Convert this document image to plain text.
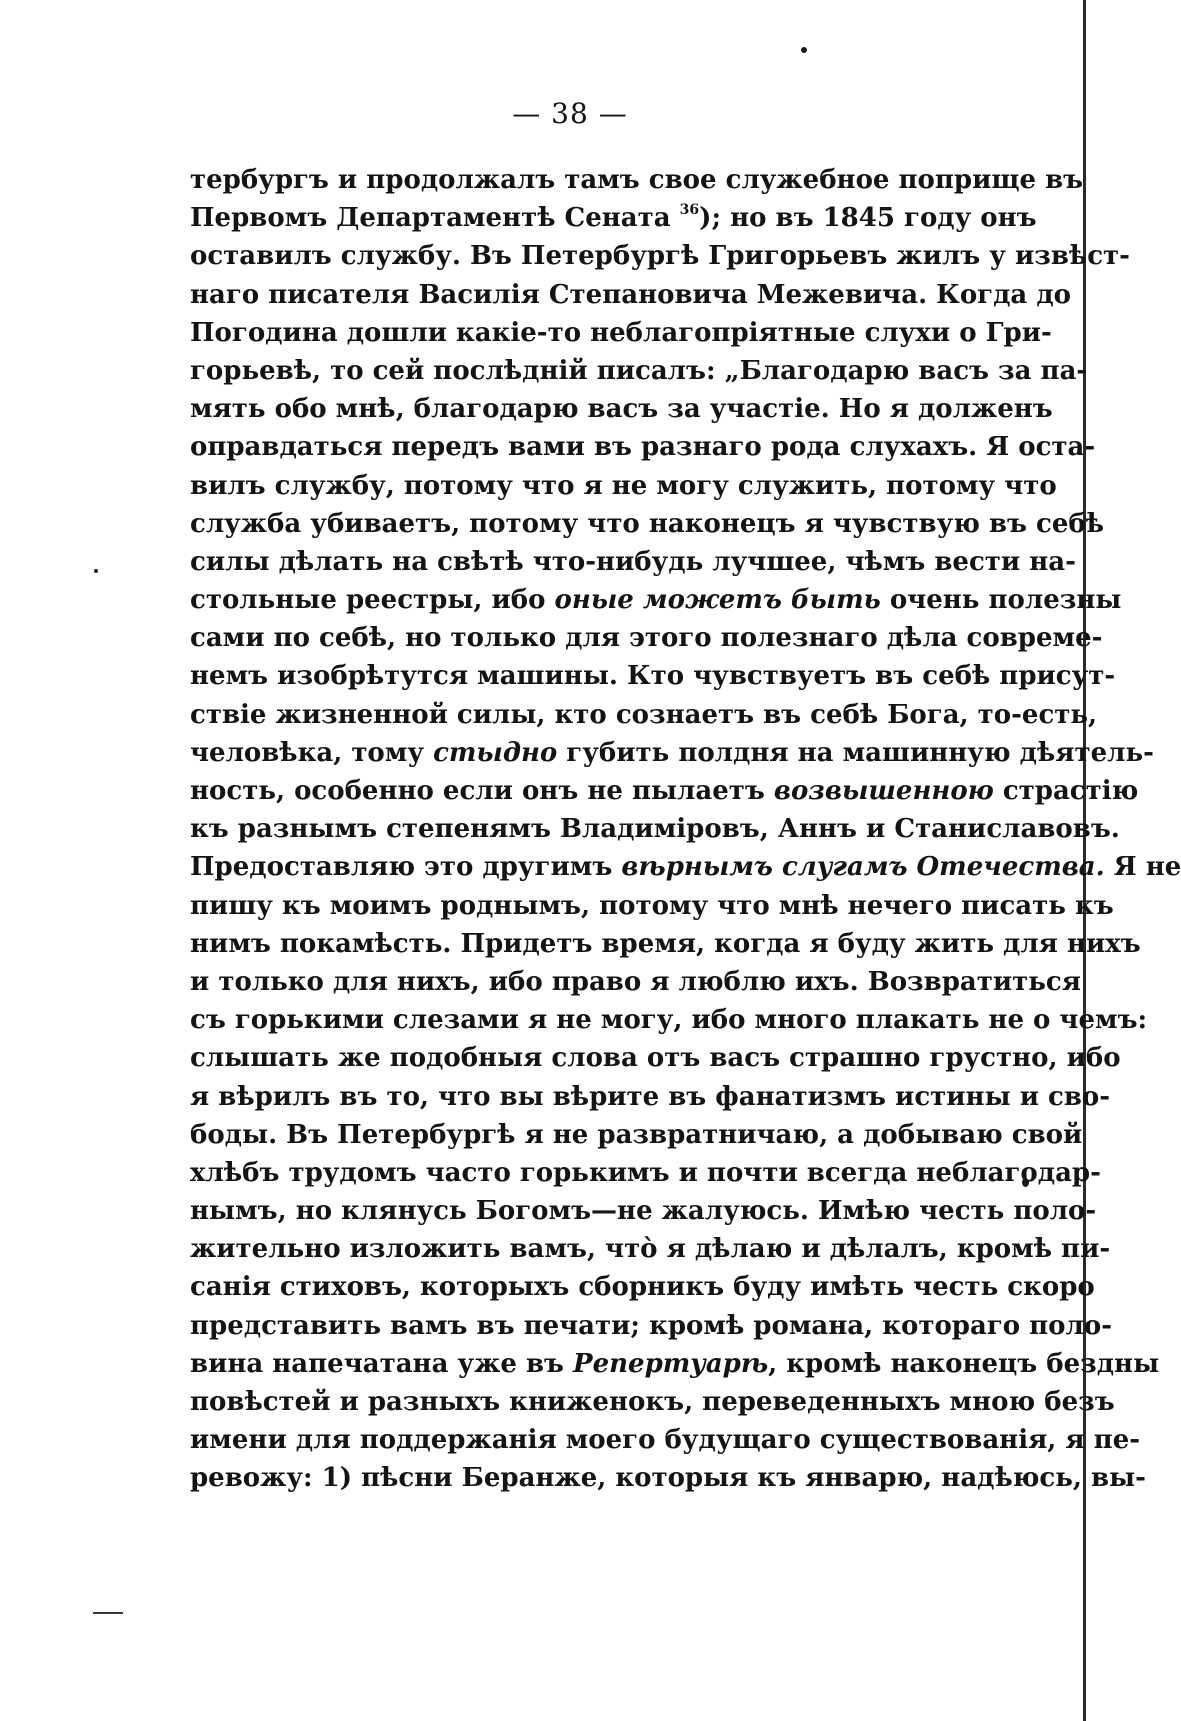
— 38 —
тербургъ и продолжалъ тамъ свое служебное поприще въ
Первомъ Департаментѣ Сената $^{36}$); но въ 1845 году онъ
оставилъ службу. Въ Петербургѣ Григорьевъ жилъ у извѣст-
наго писателя Василія Степановича Межевича. Когда до
Погодина дошли какіе-то неблагопріятные слухи о Гри-
горьевѣ, то сей послѣдній писалъ: „Благодарю васъ за па-
мять обо мнѣ, благодарю васъ за участіе. Но я долженъ
оправдаться передъ вами въ разнаго рода слухахъ. Я оста-
вилъ службу, потому что я не могу служить, потому что
служба убиваетъ, потому что наконецъ я чувствую въ себѣ
силы дѣлать на свѣтѣ что-нибудь лучшее, чѣмъ вести на-
стольные реестры, ибо оные можетъ быть очень полезны
сами по себѣ, но только для этого полезнаго дѣла совреме-
немъ изобрѣтутся машины. Кто чувствуетъ въ себѣ присут-
ствіе жизненной силы, кто сознаетъ въ себѣ Бога, то-есть,
человѣка, тому стыдно губить полдня на машинную дѣятель-
ность, особенно если онъ не пылаетъ возвышенною страстію
къ разнымъ степенямъ Владиміровъ, Аннъ и Станиславовъ.
Предоставляю это другимъ вѣрнымъ слугамъ Отечества. Я не
пишу къ моимъ роднымъ, потому что мнѣ нечего писать къ
нимъ покамѣсть. Придетъ время, когда я буду жить для нихъ
и только для нихъ, ибо право я люблю ихъ. Возвратиться
съ горькими слезами я не могу, ибо много плакать не о чемъ:
слышать же подобныя слова отъ васъ страшно грустно, ибо
я вѣрилъ въ то, что вы вѣрите въ фанатизмъ истины и сво-
боды. Въ Петербургѣ я не развратничаю, а добываю свой
хлѣбъ трудомъ часто горькимъ и почти всегда неблагодар-
нымъ, но клянусь Богомъ—не жалуюсь. Имѣю честь поло-
жительно изложить вамъ, что̀ я дѣлаю и дѣлалъ, кромѣ пи-
санія стиховъ, которыхъ сборникъ буду имѣть честь скоро
представить вамъ въ печати; кромѣ романа, котораго поло-
вина напечатана уже въ Репертуарѣ, кромѣ наконецъ бездны
повѣстей и разныхъ книженокъ, переведенныхъ мною безъ
имени для поддержанія моего будущаго существованія, я пе-
ревожу: 1) пѣсни Беранже, которыя къ январю, надѣюсь, вы-
